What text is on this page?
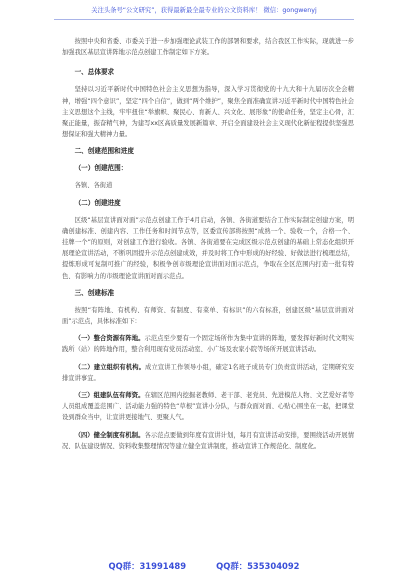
关注头条号“公文研究”，获得最新最全最专业的公文资料库！ 微信：gongwenyj

按照中央和省委、市委关于进一步加强理论武装工作的部署和要求，结合我区工作实际，现就进一步加强我区基层宣讲阵地示范点创建工作制定如下方案。

一、总体要求

坚持以习近平新时代中国特色社会主义思想为指导，深入学习贯彻党的十九大和十九届历次全会精神，增强“四个意识”，坚定“四个自信”，做到“两个维护”，聚焦全面准确宣讲习近平新时代中国特色社会主义思想这个主线，牢牢扭住“举旗帜、聚民心、育新人、兴文化、展形象”的使命任务，坚定主心骨，汇聚正能量，振奋精气神，为建写xx区高质量发展新篇章、开启全面建设社会主义现代化新征程提供坚强思想保证和强大精神力量。

二、创建范围和进度
（一）创建范围：

各镇、各街道

（二）创建进度

区级“基层宣讲面对面”示范点创建工作于4月启动，各镇、各街道要结合工作实际制定创建方案，明确创建标准、创建内容、工作任务和时间节点等，区委宣传部将按照“成熟一个、验收一个，合格一个、挂牌一个”的原则，对创建工作进行验收。各镇、各街道要在完成区级示范点创建的基础上常态化组织开展理论宣讲活动，不断巩固提升示范点创建成效，并及时将工作中形成的好经验、好做法进行梳理总结，提炼形成可复制可推广的经验，积极争创市级理论宣讲面对面示范点，争取在全区范围内打造一批有特色、有影响力的市级理论宣讲面对面示范点。

三、创建标准

按照“有阵地、有机构、有师资、有制度、有菜单、有标识”的六有标准，创建区级“基层宣讲面对面”示范点，具体标准如下：

（一）整合资源有阵地。示范点至少要有一个固定场所作为集中宣讲的阵地，要发挥好新时代文明实践所（站）的阵地作用，整合利用现有党员活动室、小广场及农家小院等场所开展宣讲活动。

（二）建立组织有机构。成立宣讲工作领导小组，確定1名班子成员专门负责宣讲活动，定期研究安排宣讲事宜。

（三）组建队伍有师资。在辖区范围内挖掘老教师、老干部、老党员、先进模范人物、文艺爱好者等人员组成覆盖范围广、活动能力强的特色“草根”宣讲小分队，与群众面对面、心贴心围坐在一起，把课堂设到群众当中，让宣讲更接地气、更聚人气。

（四）健全制度有机制。各示范点要做到年度有宣讲计划，每月有宣讲活动安排，要围绕活动开展情况、队伍建设情况、资料收集整理情况等建立健全宣讲制度，推动宣讲工作规范化、制度化。

QQ群：31991489	QQ群：535304092
